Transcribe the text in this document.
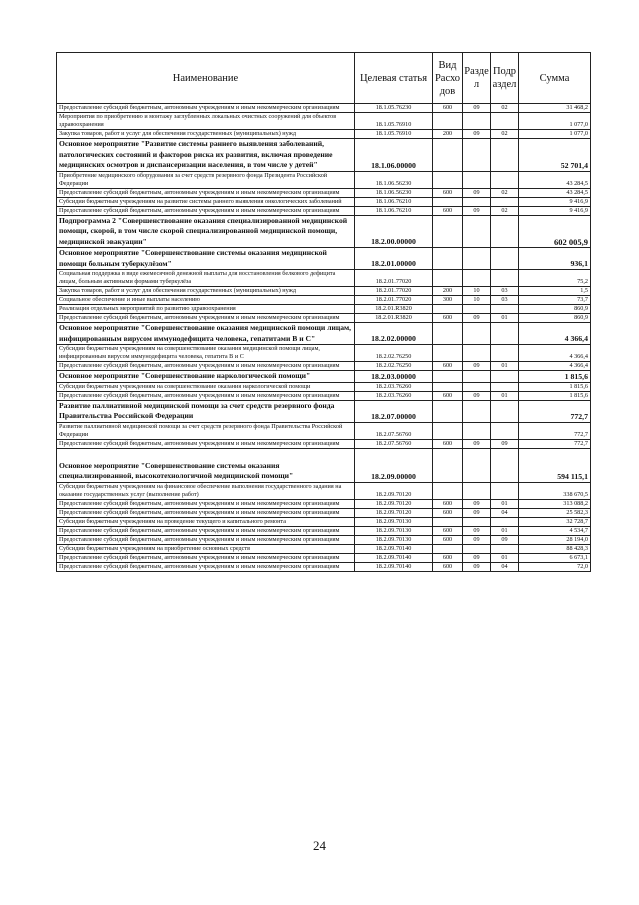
Наименование	Целевая статья	Вид Расхо дов	Разде л	Подр аздел	Сумма
Предоставление субсидий бюджетным, автономным учреждениям и иным некоммерческим организациям	18.1.05.76230	600	09	02	31 468,2
Мероприятия по приобретению и монтажу заглубленных локальных очистных сооружений для объектов здравоохранения	18.1.05.76910				1 077,0
Закупка товаров, работ и услуг для обеспечения государственных (муниципальных) нужд	18.1.05.76910	200	09	02	1 077,0
Основное мероприятие "Развитие системы раннего выявления заболеваний, патологических состояний и факторов риска их развития, включая проведение медицинских осмотров и диспансеризации населения, в том числе у детей"	18.1.06.00000				52 701,4
Приобретение медицинского оборудования за счет средств резервного фонда Президента Российской Федерации	18.1.06.56230				43 284,5
Предоставление субсидий бюджетным, автономным учреждениям и иным некоммерческим организациям	18.1.06.56230	600	09	02	43 284,5
Субсидии бюджетным учреждениям на развитие системы раннего выявления онкологических заболеваний	18.1.06.76210				9 416,9
Предоставление субсидий бюджетным, автономным учреждениям и иным некоммерческим организациям	18.1.06.76210	600	09	02	9 416,9
Подпрограмма 2 "Совершенствование оказания специализированной медицинской помощи, скорой, в том числе скорой специализированной медицинской помощи, медицинской эвакуации"	18.2.00.00000				602 005,9
Основное мероприятие "Совершенствование системы оказания медицинской помощи больным туберкулёзом"	18.2.01.00000				936,1
Социальная поддержка в виде ежемесячной денежной выплаты для восстановления белкового дефицита лицам, больным активными формами туберкулёза	18.2.01.77020				75,2
Закупка товаров, работ и услуг для обеспечения государственных (муниципальных) нужд	18.2.01.77020	200	10	03	1,5
Социальное обеспечение и иные выплаты населению	18.2.01.77020	300	10	03	73,7
Реализация отдельных мероприятий по развитию здравоохранения	18.2.01.R3820				860,9
Предоставление субсидий бюджетным, автономным учреждениям и иным некоммерческим организациям	18.2.01.R3820	600	09	01	860,9
Основное мероприятие "Совершенствование оказания медицинской помощи лицам, инфицированным вирусом иммунодефицита человека, гепатитами В и С"	18.2.02.00000				4 366,4
Субсидии бюджетным учреждениям на совершенствование оказания медицинской помощи лицам, инфицированным вирусом иммунодефицита человека, гепатита В и С	18.2.02.76250				4 366,4
Предоставление субсидий бюджетным, автономным учреждениям и иным некоммерческим организациям	18.2.02.76250	600	09	01	4 366,4
Основное мероприятие "Совершенствование наркологической помощи"	18.2.03.00000				1 815,6
Субсидии бюджетным учреждениям на совершенствование оказания наркологической помощи	18.2.03.76260				1 815,6
Предоставление субсидий бюджетным, автономным учреждениям и иным некоммерческим организациям	18.2.03.76260	600	09	01	1 815,6
Развитие паллиативной медицинской помощи за счет средств резервного фонда Правительства Российской Федерации	18.2.07.00000				772,7
Развитие паллиативной медицинской помощи за счет средств резервного фонда Правительства Российской Федерации	18.2.07.56760				772,7
Предоставление субсидий бюджетным, автономным учреждениям и иным некоммерческим организациям	18.2.07.56760	600	09	09	772,7
Основное мероприятие "Совершенствование системы оказания специализированной, высокотехнологичной медицинской помощи"	18.2.09.00000				594 115,1
Субсидии бюджетным учреждениям на финансовое обеспечение выполнения государственного задания на оказание государственных услуг (выполнение работ)	18.2.09.70120				338 670,5
Предоставление субсидий бюджетным, автономным учреждениям и иным некоммерческим организациям	18.2.09.70120	600	09	01	313 088,2
Предоставление субсидий бюджетным, автономным учреждениям и иным некоммерческим организациям	18.2.09.70120	600	09	04	25 582,3
Субсидии бюджетным учреждениям на проведение текущего и капитального ремонта	18.2.09.70130				32 728,7
Предоставление субсидий бюджетным, автономным учреждениям и иным некоммерческим организациям	18.2.09.70130	600	09	01	4 534,7
Предоставление субсидий бюджетным, автономным учреждениям и иным некоммерческим организациям	18.2.09.70130	600	09	09	28 194,0
Субсидии бюджетным учреждениям на приобретение основных средств	18.2.09.70140				88 428,3
Предоставление субсидий бюджетным, автономным учреждениям и иным некоммерческим организациям	18.2.09.70140	600	09	01	6 673,1
Предоставление субсидий бюджетным, автономным учреждениям и иным некоммерческим организациям	18.2.09.70140	600	09	04	72,0
24
